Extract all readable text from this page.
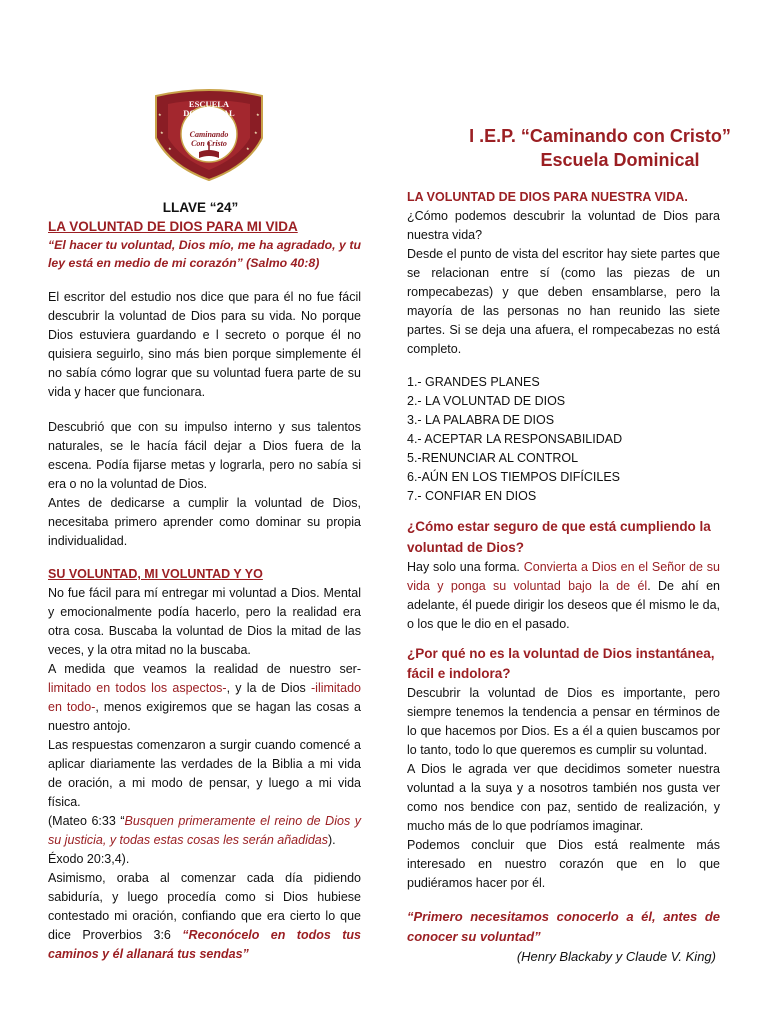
★	★
★	★
★	★
ESCUELA
DOMINICAL
Caminando
Con Cristo	I .E.P. “Caminando con Cristo”
Escuela Dominical
LLAVE “24”
LA VOLUNTAD DE DIOS PARA MI VIDA

“El hacer tu voluntad, Dios mío, me ha agradado, y tu ley está en medio de mi corazón” (Salmo 40:8)

El escritor del estudio nos dice que para él no fue fácil descubrir la voluntad de Dios para su vida. No porque Dios estuviera guardando e l secreto o porque él no quisiera seguirlo, sino más bien porque simplemente él no sabía cómo lograr que su voluntad fuera parte de su vida y hacer que funcionara.

Descubrió que con su impulso interno y sus talentos naturales, se le hacía fácil dejar a Dios fuera de la escena. Podía fijarse metas y lograrla, pero no sabía si era o no la voluntad de Dios.

Antes de dedicarse a cumplir la voluntad de Dios, necesitaba primero aprender como dominar su propia individualidad.

SU VOLUNTAD, MI VOLUNTAD Y YO

No fue fácil para mí entregar mi voluntad a Dios. Mental y emocionalmente podía hacerlo, pero la realidad era otra cosa. Buscaba la voluntad de Dios la mitad de las veces, y la otra mitad no la buscaba.

A medida que veamos la realidad de nuestro ser-limitado en todos los aspectos-, y la de Dios -ilimitado en todo-, menos exigiremos que se hagan las cosas a nuestro antojo.

Las respuestas comenzaron a surgir cuando comencé a aplicar diariamente las verdades de la Biblia a mi vida de oración, a mi modo de pensar, y luego a mi vida física.

(Mateo 6:33 “Busquen primeramente el reino de Dios y su justicia, y todas estas cosas les serán añadidas).
Éxodo 20:3,4).

Asimismo, oraba al comenzar cada día pidiendo sabiduría, y luego procedía como si Dios hubiese contestado mi oración, confiando que era cierto lo que dice Proverbios 3:6 “Reconócelo en todos tus caminos y él allanará tus sendas”

LA VOLUNTAD DE DIOS PARA NUESTRA VIDA.

¿Cómo podemos descubrir la voluntad de Dios para nuestra vida?

Desde el punto de vista del escritor hay siete partes que se relacionan entre sí (como las piezas de un rompecabezas) y que deben ensamblarse, pero la mayoría de las personas no han reunido las siete partes. Si se deja una afuera, el rompecabezas no está completo.

1.- GRANDES PLANES
2.- LA VOLUNTAD DE DIOS
3.- LA PALABRA DE DIOS
4.- ACEPTAR LA RESPONSABILIDAD
5.-RENUNCIAR AL CONTROL
6.-AÚN EN LOS TIEMPOS DIFÍCILES
7.- CONFIAR EN DIOS
¿Cómo estar seguro de que está cumpliendo la voluntad de Dios?

Hay solo una forma. Convierta a Dios en el Señor de su vida y ponga su voluntad bajo la de él. De ahí en adelante, él puede dirigir los deseos que él mismo le da, o los que le dio en el pasado.

¿Por qué no es la voluntad de Dios instantánea, fácil e indolora?

Descubrir la voluntad de Dios es importante, pero siempre tenemos la tendencia a pensar en términos de lo que hacemos por Dios. Es a él a quien buscamos por lo tanto, todo lo que queremos es cumplir su voluntad.

A Dios le agrada ver que decidimos someter nuestra voluntad a la suya y a nosotros también nos gusta ver como nos bendice con paz, sentido de realización, y mucho más de lo que podríamos imaginar.

Podemos concluir que Dios está realmente más interesado en nuestro corazón que en lo que pudiéramos hacer por él.

“Primero necesitamos conocerlo a él, antes de conocer su voluntad”

(Henry Blackaby y Claude V. King)
